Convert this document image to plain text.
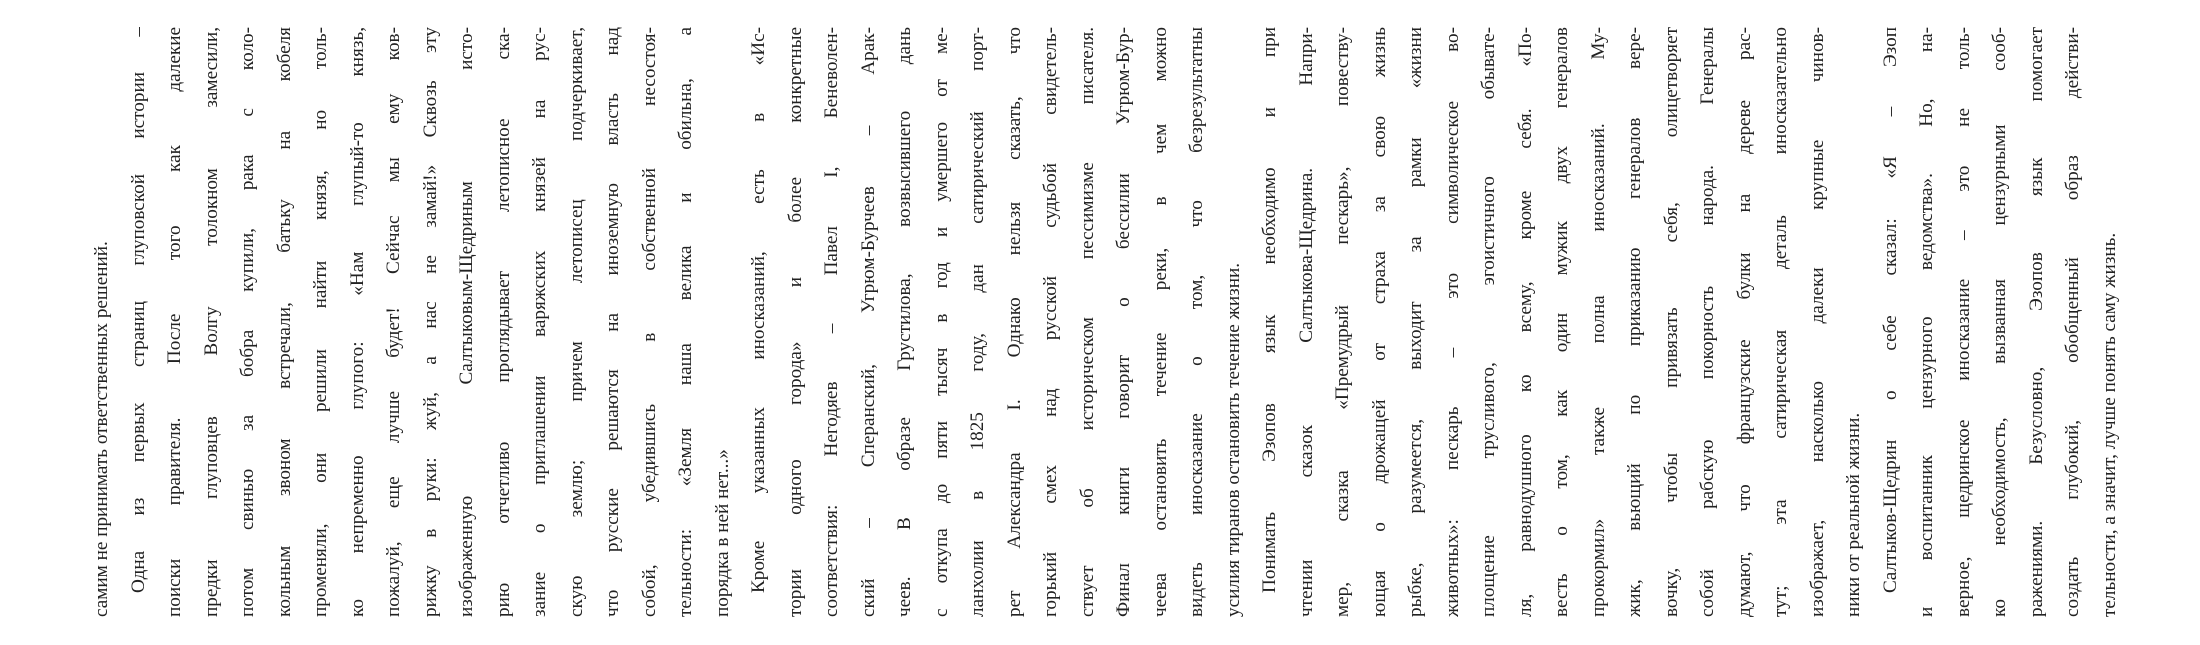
самим не принимать ответственных решений. Одна из первых страниц глуповской истории – поиски правителя. После того как далекие предки глуповцев Волгу толокном замесили, потом свинью за бобра купили, рака с коло- кольным звоном встречали, батьку на кобеля променяли, они решили найти князя, но толь- ко непременно глупого: «Нам глупый-то князь, пожалуй, еще лучше будет! Сейчас мы ему ков- рижку в руки: жуй, а нас не замай!» Сквозь эту изображенную Салтыковым-Щедриным исто- рию отчетливо проглядывает летописное ска- зание о приглашении варяжских князей на рус- скую землю; причем летописец подчеркивает, что русские решаются на иноземную власть над собой, убедившись в собственной несостоя- тельности: «Земля наша велика и обильна, а порядка в ней нет...» Кроме указанных иносказаний, есть в «Ис- тории одного города» и более конкретные соответствия: Негодяев – Павел I, Беневолен- ский – Сперанский, Угрюм-Бурчеев – Арак- чеев. В образе Грустилова, возвысившего дань с откупа до пяти тысяч в год и умершего от ме- ланхолии в 1825 году, дан сатирический порт- рет Александра I. Однако нельзя сказать, что горький смех над русской судьбой свидетель- ствует об историческом пессимизме писателя. Финал книги говорит о бессилии Угрюм-Бур- чеева остановить течение реки, в чем можно видеть иносказание о том, что безрезультатны усилия тиранов остановить течение жизни. Понимать Эзопов язык необходимо и при чтении сказок Салтыкова-Щедрина. Напри- мер, сказка «Премудрый пескарь», повеству- ющая о дрожащей от страха за свою жизнь рыбке, разумеется, выходит за рамки «жизни животных»: пескарь – это символическое во- площение трусливого, эгоистичного обывате- ля, равнодушного ко всему, кроме себя. «По- весть о том, как один мужик двух генералов прокормил» также полна иносказаний. Му- жик, вьющий по приказанию генералов вере- вочку, чтобы привязать себя, олицетворяет собой рабскую покорность народа. Генералы думают, что французские булки на дереве рас- тут; эта сатирическая деталь иносказательно изображает, насколько далеки крупные чинов- ники от реальной жизни. Салтыков-Щедрин о себе сказал: «Я – Эзоп и воспитанник цензурного ведомства». Но, на- верное, щедринское иносказание – это не толь- ко необходимость, вызванная цензурными сооб- ражениями. Безусловно, Эзопов язык помогает создать глубокий, обобщенный образ действи- тельности, а значит, лучше понять саму жизнь.
